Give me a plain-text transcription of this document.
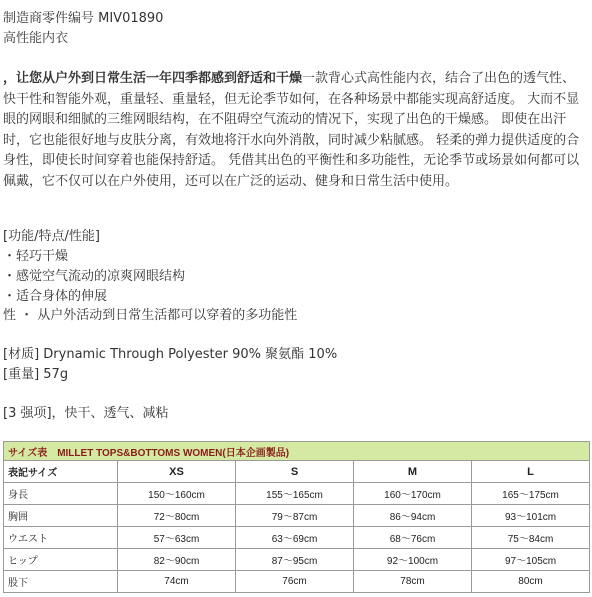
制造商零件编号 MIV01890
高性能内衣
，让您从户外到日常生活一年四季都感到舒适和干燥一款背心式高性能内衣，结合了出色的透气性、快干性和智能外观，重量轻、重量轻，但无论季节如何，在各种场景中都能实现高舒适度。 大而不显眼的网眼和细腻的三维网眼结构，在不阻碍空气流动的情况下，实现了出色的干燥感。 即使在出汗时，它也能很好地与皮肤分离，有效地将汗水向外消散，同时减少粘腻感。 轻柔的弹力提供适度的合身性，即使长时间穿着也能保持舒适。 凭借其出色的平衡性和多功能性，无论季节或场景如何都可以佩戴，它不仅可以在户外使用，还可以在广泛的运动、健身和日常生活中使用。
[功能/特点/性能]
・轻巧干燥
・感觉空气流动的凉爽网眼结构
・适合身体的伸展
性 ・ 从户外活动到日常生活都可以穿着的多功能性
[材质] Drynamic Through Polyester 90% 聚氨酯 10%
[重量] 57g
[3 强项]，快干、透气、减粘
サイズ表　MILLET TOPS&BOTTOMS WOMEN(日本企画製品)				
表記サイズ	XS	S	M	L
身長	150〜160cm	155〜165cm	160〜170cm	165〜175cm
胸囲	72〜80cm	79〜87cm	86〜94cm	93〜101cm
ウエスト	57〜63cm	63〜69cm	68〜76cm	75〜84cm
ヒップ	82〜90cm	87〜95cm	92〜100cm	97〜105cm
股下	74cm	76cm	78cm	80cm
